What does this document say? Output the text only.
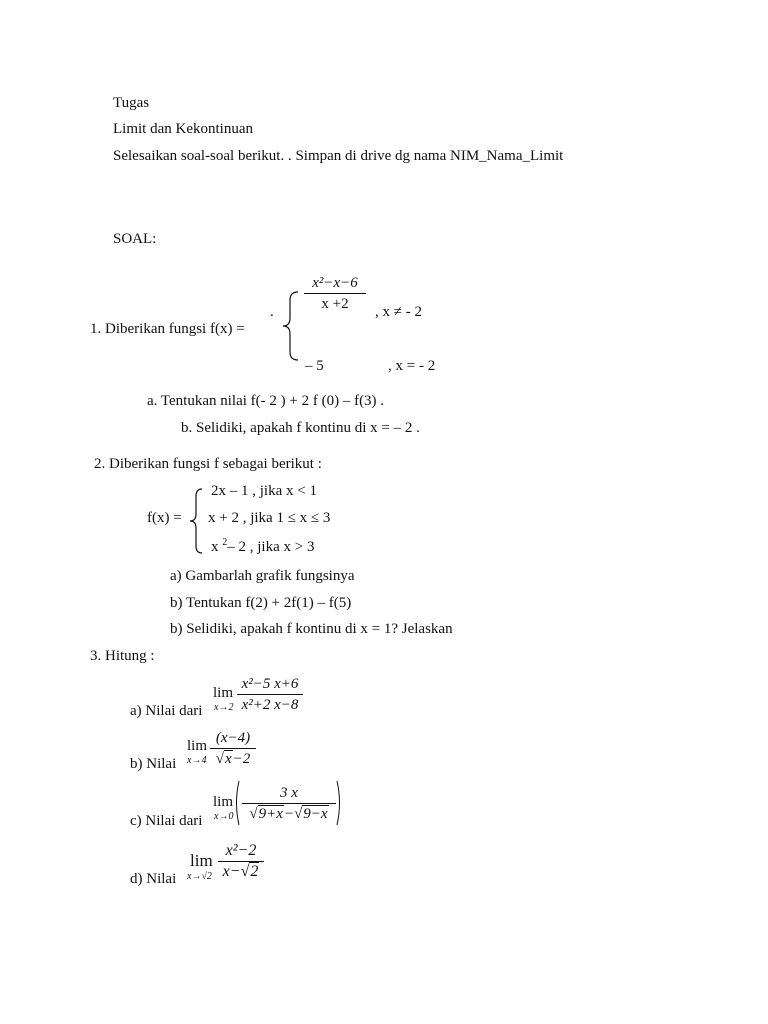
Tugas
Limit dan Kekontinuan
Selesaikan soal-soal berikut. . Simpan di drive dg nama NIM_Nama_Limit
SOAL:
1. Diberikan fungsi f(x) =
.
x²−x−6
x +2	, x ≠ - 2
– 5	, x = - 2
a. Tentukan nilai f(- 2 ) + 2 f (0) – f(3) .
b. Selidiki, apakah f kontinu di x = – 2 .
2. Diberikan fungsi f sebagai berikut :
f(x) =
2x – 1 , jika x < 1
x + 2 , jika 1 ≤ x ≤ 3
x $^2$– 2 , jika x > 3
a) Gambarlah grafik fungsinya
b) Tentukan f(2) + 2f(1) – f(5)
b) Selidiki, apakah f kontinu di x = 1? Jelaskan
3. Hitung :
a) Nilai dari
lim
x→2
x²−5 x+6
x²+2 x−8
b) Nilai
lim
x→4
(x−4)
√x−2
c) Nilai dari
lim
x→0
3 x
√9+x−√9−x
d) Nilai
lim
x→√2
x²−2
x−√2
